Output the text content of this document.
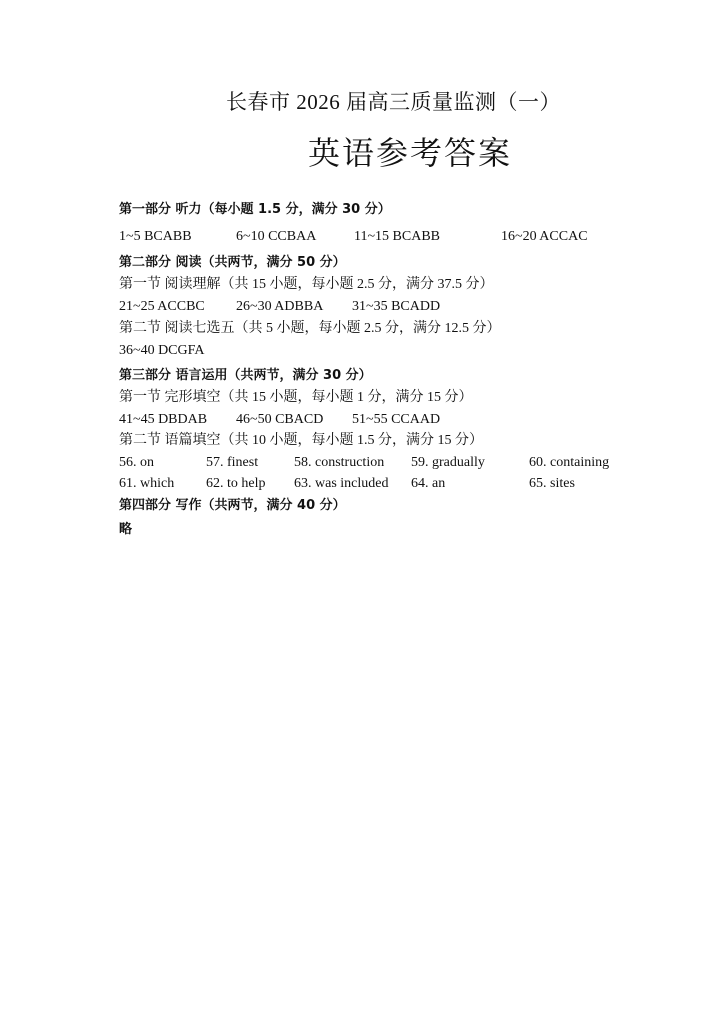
长春市 2026 届高三质量监测（一）
英语参考答案
第一部分 听力（每小题 1.5 分，满分 30 分）
1~5 BCABB	6~10 CCBAA	11~15 BCABB	16~20 ACCAC
第二部分 阅读（共两节，满分 50 分）
第一节 阅读理解（共 15 小题，每小题 2.5 分，满分 37.5 分）
21~25 ACCBC 26~30 ADBBA 31~35 BCADD
第二节 阅读七选五（共 5 小题，每小题 2.5 分，满分 12.5 分）
36~40 DCGFA
第三部分 语言运用（共两节，满分 30 分）
第一节 完形填空（共 15 小题，每小题 1 分，满分 15 分）
41~45 DBDAB 46~50 CBACD 51~55 CCAAD
第二节 语篇填空（共 10 小题，每小题 1.5 分，满分 15 分）
56. on	57. finest	58. construction 59. gradually	60. containing
61. which 62. to help 63. was included 64. an	65. sites
第四部分 写作（共两节，满分 40 分）
略
